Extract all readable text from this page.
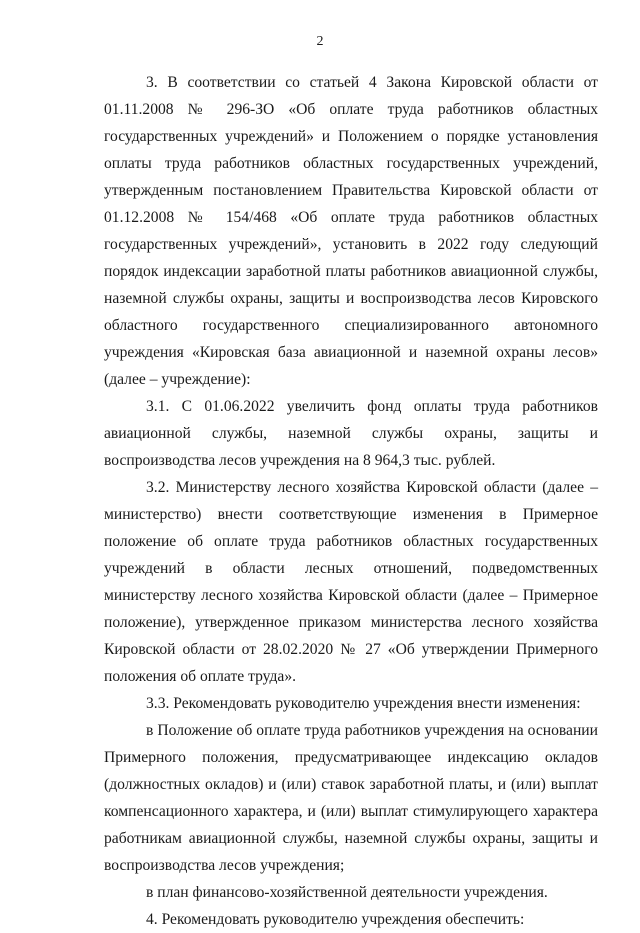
2

3. В соответствии со статьей 4 Закона Кировской области от 01.11.2008 № 296-ЗО «Об оплате труда работников областных государственных учреждений» и Положением о порядке установления оплаты труда работников областных государственных учреждений, утвержденным постановлением Правительства Кировской области от 01.12.2008 № 154/468 «Об оплате труда работников областных государственных учреждений», установить в 2022 году следующий порядок индексации заработной платы работников авиационной службы, наземной службы охраны, защиты и воспроизводства лесов Кировского областного государственного специализированного автономного учреждения «Кировская база авиационной и наземной охраны лесов» (далее – учреждение):

3.1. С 01.06.2022 увеличить фонд оплаты труда работников авиационной службы, наземной службы охраны, защиты и воспроизводства лесов учреждения на 8 964,3 тыс. рублей.

3.2. Министерству лесного хозяйства Кировской области (далее – министерство) внести соответствующие изменения в Примерное положение об оплате труда работников областных государственных учреждений в области лесных отношений, подведомственных министерству лесного хозяйства Кировской области (далее – Примерное положение), утвержденное приказом министерства лесного хозяйства Кировской области от 28.02.2020 № 27 «Об утверждении Примерного положения об оплате труда».

3.3. Рекомендовать руководителю учреждения внести изменения:

в Положение об оплате труда работников учреждения на основании Примерного положения, предусматривающее индексацию окладов (должностных окладов) и (или) ставок заработной платы, и (или) выплат компенсационного характера, и (или) выплат стимулирующего характера работникам авиационной службы, наземной службы охраны, защиты и воспроизводства лесов учреждения;

в план финансово-хозяйственной деятельности учреждения.

4. Рекомендовать руководителю учреждения обеспечить:
